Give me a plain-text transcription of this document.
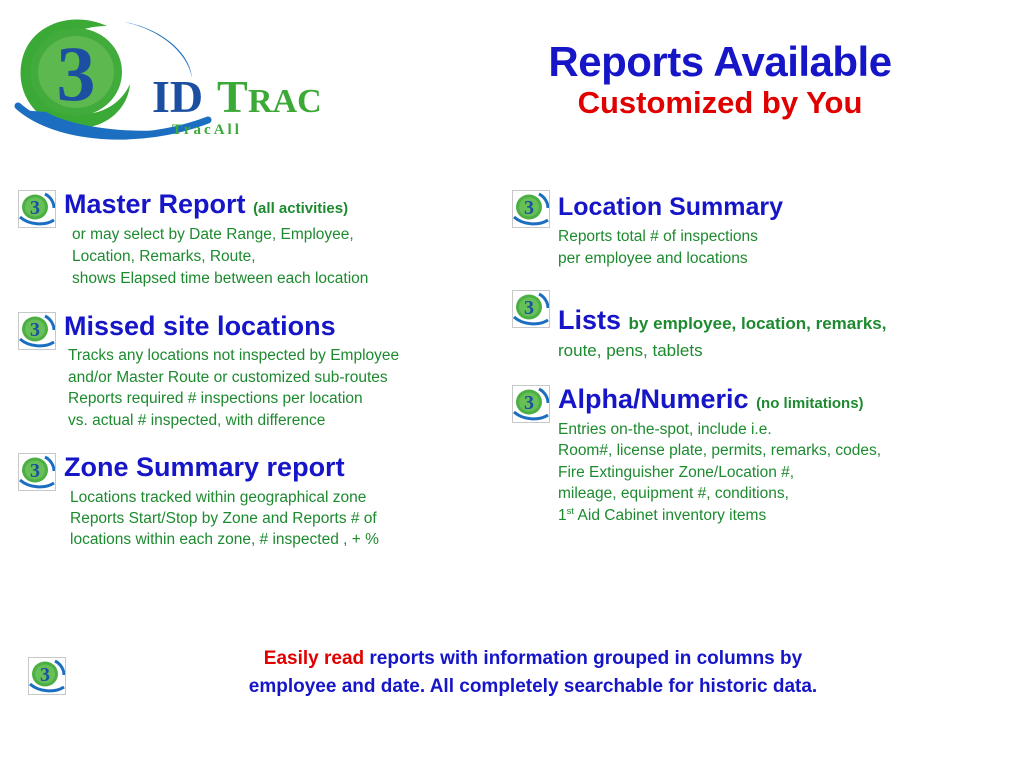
3 ID T RAC
TracAll
Reports Available
Customized by You
3 Master Report (all activities)
or may select by Date Range, Employee,
Location, Remarks, Route,
shows Elapsed time between each location
3 Missed site locations
Tracks any locations not inspected by Employee
and/or Master Route or customized sub-routes
Reports required # inspections per location
vs. actual # inspected, with difference
3 Zone Summary report
Locations tracked within geographical zone
Reports Start/Stop by Zone and Reports # of
locations within each zone, # inspected , + %
3 Location Summary
Reports total # of inspections
per employee and locations
3 Lists by employee, location, remarks,
route, pens, tablets
3 Alpha/Numeric (no limitations)
Entries on-the-spot, include i.e.
Room#, license plate, permits, remarks, codes,
Fire Extinguisher Zone/Location #,
mileage, equipment #, conditions,
1st Aid Cabinet inventory items
3
Easily read reports with information grouped in columns by
employee and date. All completely searchable for historic data.
